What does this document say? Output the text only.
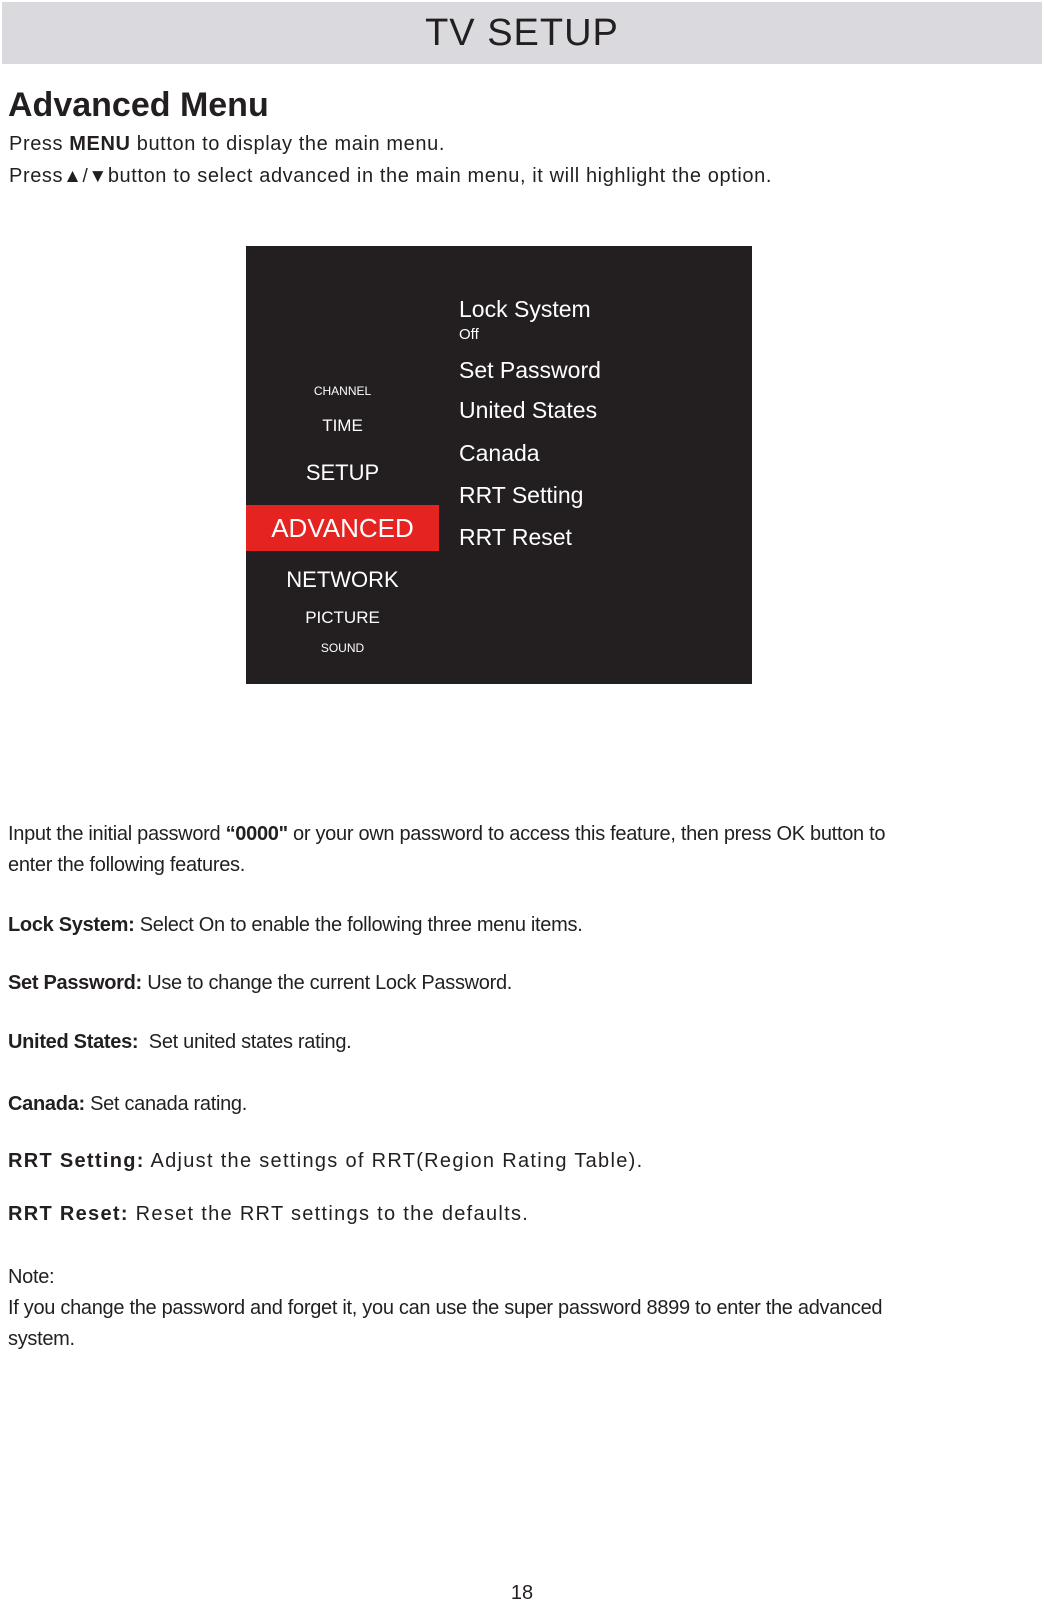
TV SETUP
Advanced Menu
Press MENU button to display the main menu.
Press▲/▼button to select advanced in the main menu, it will highlight the option.
CHANNEL
TIME
SETUP
ADVANCED
NETWORK
PICTURE
SOUND
Lock System
Off
Set Password
United States
Canada
RRT Setting
RRT Reset
Input the initial password “0000" or your own password to access this feature, then press OK button to
enter the following features.
Lock System: Select On to enable the following three menu items.
Set Password: Use to change the current Lock Password.
United States:  Set united states rating.
Canada: Set canada rating.
RRT Setting: Adjust the settings of RRT(Region Rating Table).
RRT Reset: Reset the RRT settings to the defaults.
Note:
If you change the password and forget it, you can use the super password 8899 to enter the advanced
system.
18
